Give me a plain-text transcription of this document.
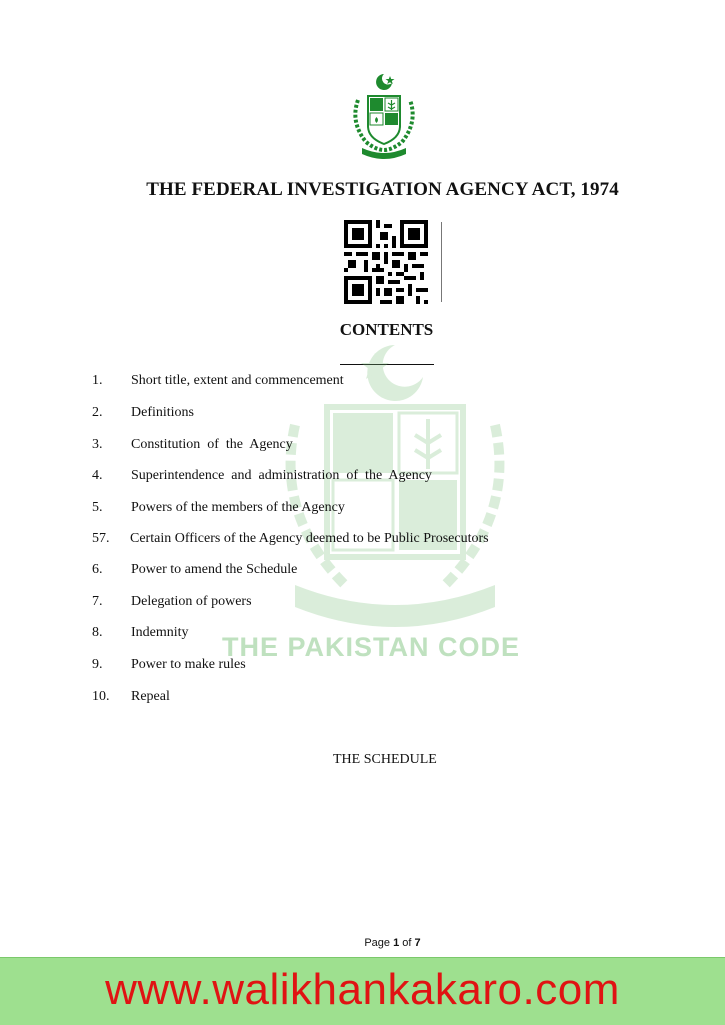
THE FEDERAL INVESTIGATION AGENCY ACT, 1974
CONTENTS
THE PAKISTAN CODE
1. Short title, extent and commencement
2. Definitions
3. Constitution  of  the  Agency
4. Superintendence  and  administration  of  the  Agency
5. Powers of the members of the Agency
57. Certain Officers of the Agency deemed to be Public Prosecutors
6. Power to amend the Schedule
7. Delegation of powers
8. Indemnity
9. Power to make rules
10. Repeal
THE SCHEDULE
Page 1 of 7
www.walikhankakaro.com
